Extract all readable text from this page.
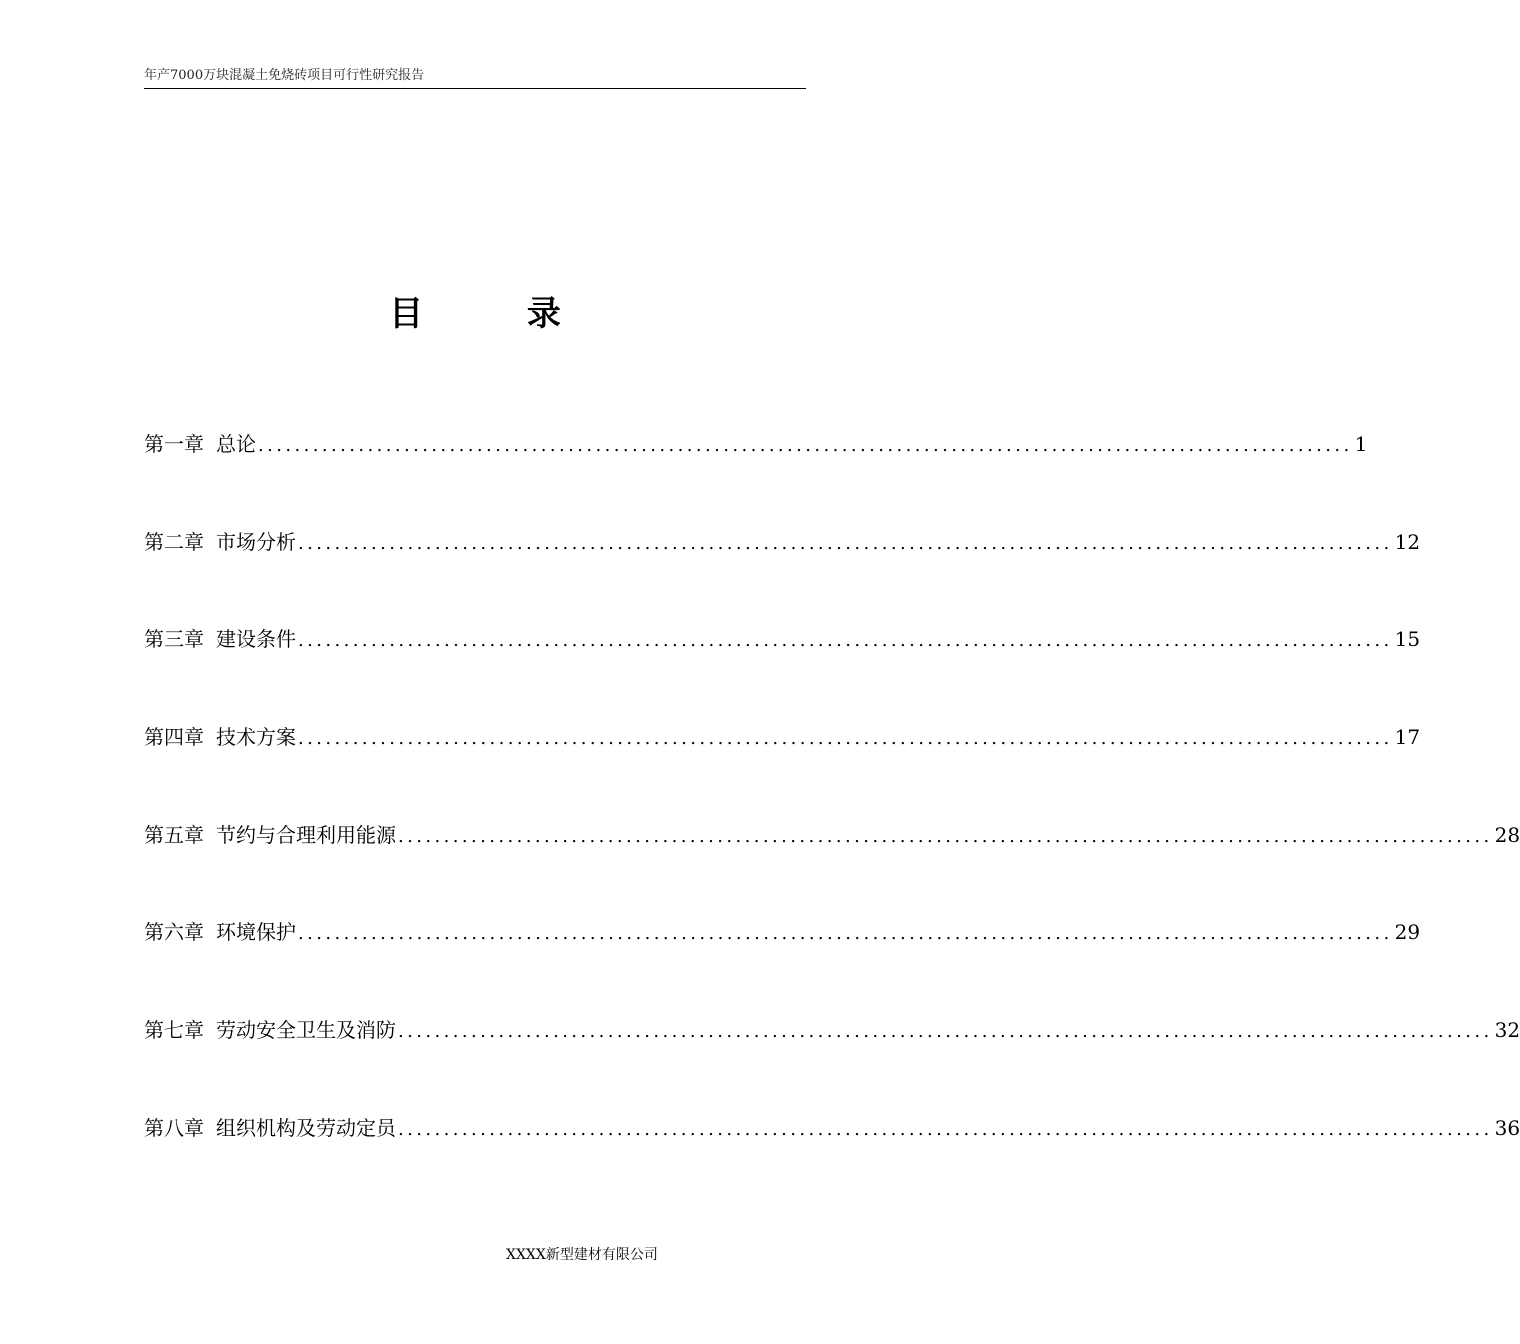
年产7000万块混凝土免烧砖项目可行性研究报告
目 录
第一章 总论 ........................................................................................................................ 1
第二章 市场分析 ........................................................................................................................ 12
第三章 建设条件 ........................................................................................................................ 15
第四章 技术方案 ........................................................................................................................ 17
第五章 节约与合理利用能源 ........................................................................................................................ 28
第六章 环境保护 ........................................................................................................................ 29
第七章 劳动安全卫生及消防 ........................................................................................................................ 32
第八章 组织机构及劳动定员 ........................................................................................................................ 36
XXXX新型建材有限公司
